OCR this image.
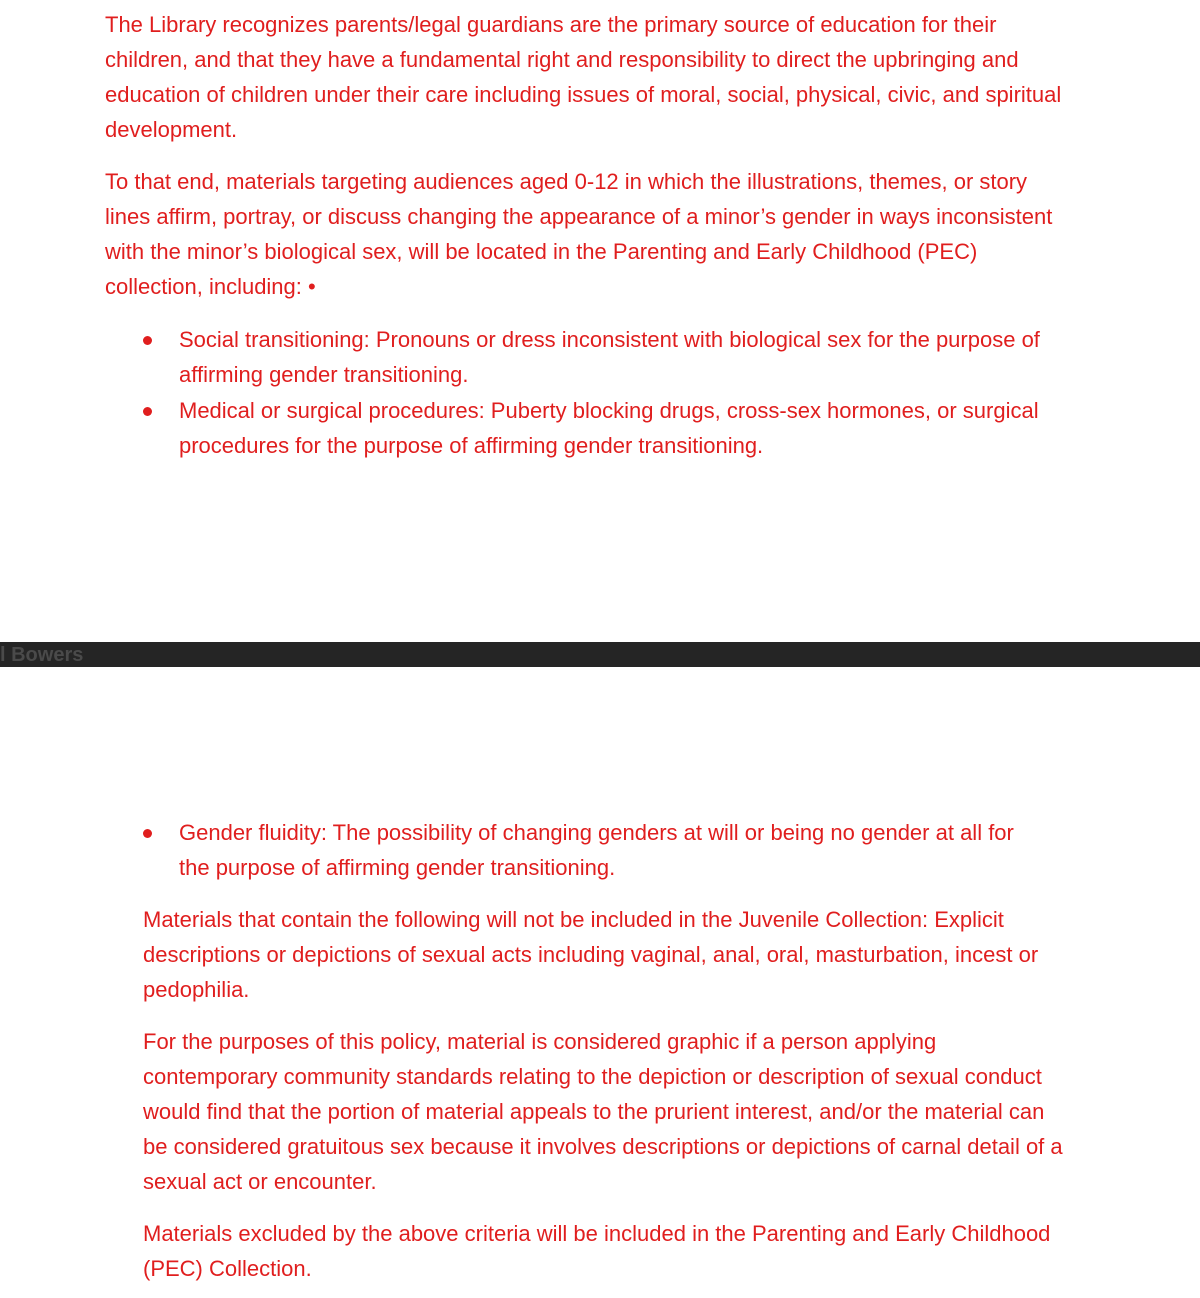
The Library recognizes parents/legal guardians are the primary source of education for their children, and that they have a fundamental right and responsibility to direct the upbringing and education of children under their care including issues of moral, social, physical, civic, and spiritual development.

To that end, materials targeting audiences aged 0-12 in which the illustrations, themes, or story lines affirm, portray, or discuss changing the appearance of a minor’s gender in ways inconsistent with the minor’s biological sex, will be located in the Parenting and Early Childhood (PEC) collection, including: •

Social transitioning: Pronouns or dress inconsistent with biological sex for the purpose of affirming gender transitioning.
Medical or surgical procedures: Puberty blocking drugs, cross-sex hormones, or surgical procedures for the purpose of affirming gender transitioning.
l Bowers
Gender fluidity: The possibility of changing genders at will or being no gender at all for the purpose of affirming gender transitioning.

Materials that contain the following will not be included in the Juvenile Collection: Explicit descriptions or depictions of sexual acts including vaginal, anal, oral, masturbation, incest or pedophilia.

For the purposes of this policy, material is considered graphic if a person applying contemporary community standards relating to the depiction or description of sexual conduct would find that the portion of material appeals to the prurient interest, and/or the material can be considered gratuitous sex because it involves descriptions or depictions of carnal detail of a sexual act or encounter.

Materials excluded by the above criteria will be included in the Parenting and Early Childhood (PEC) Collection.
